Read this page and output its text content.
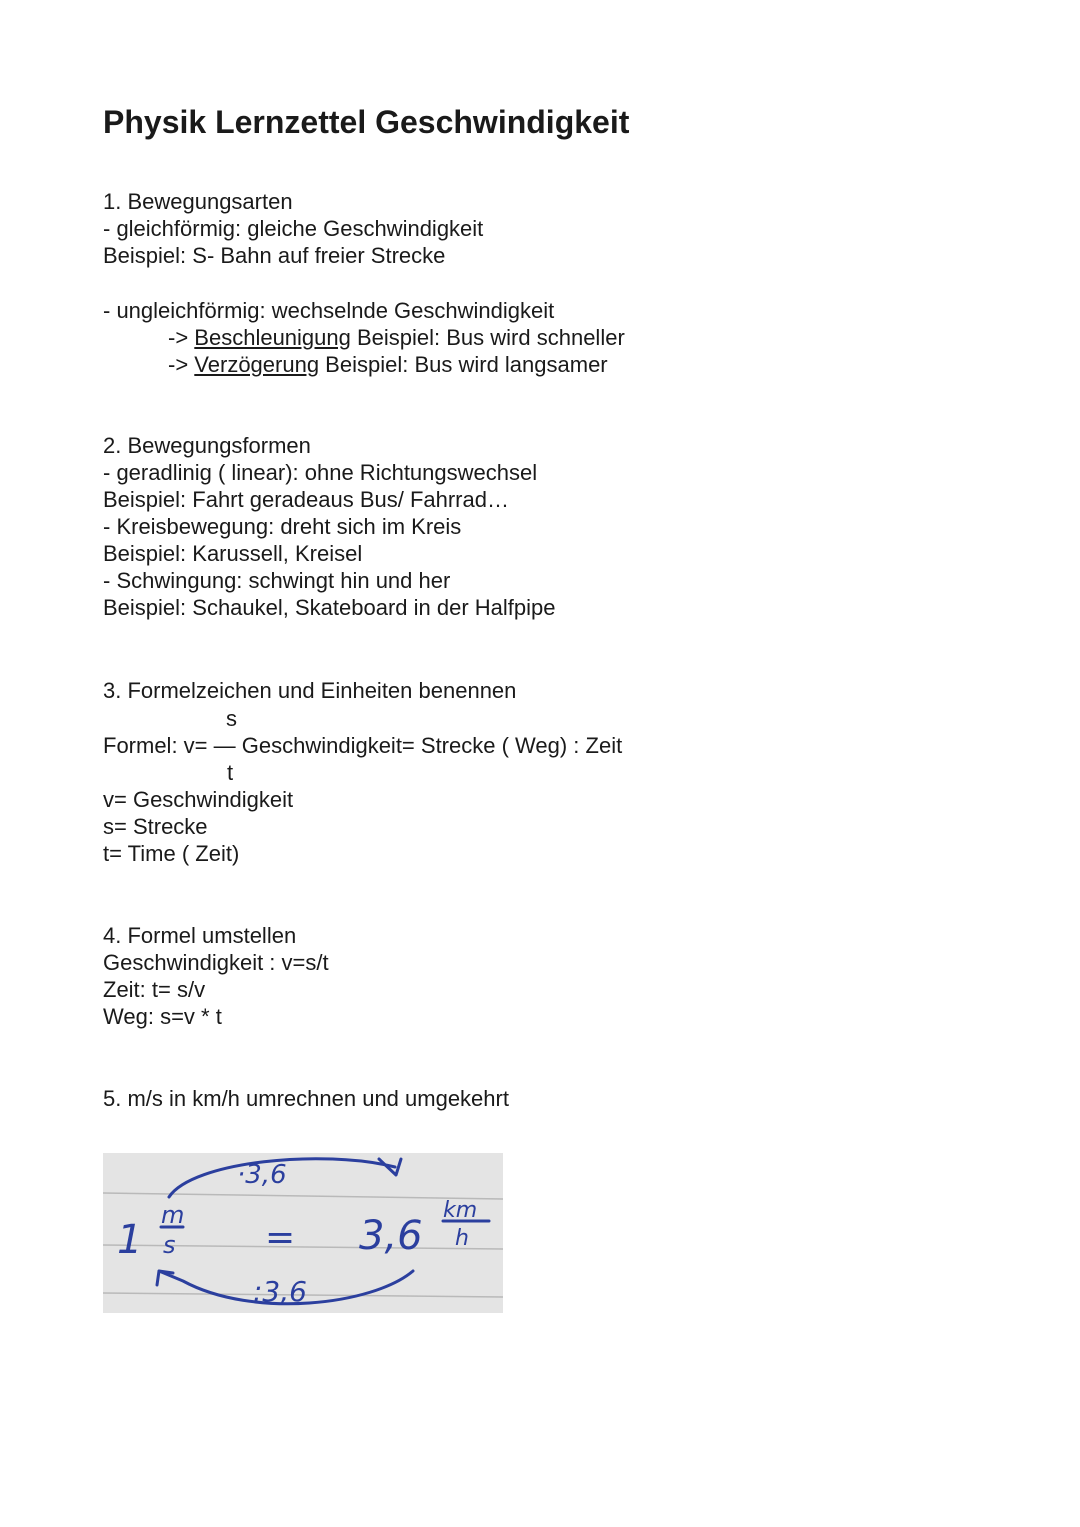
Physik Lernzettel Geschwindigkeit
1. Bewegungsarten
- gleichförmig: gleiche Geschwindigkeit
Beispiel: S- Bahn auf freier Strecke
- ungleichförmig: wechselnde Geschwindigkeit
-> Beschleunigung Beispiel: Bus wird schneller
-> Verzögerung Beispiel: Bus wird langsamer
2. Bewegungsformen
- geradlinig ( linear): ohne Richtungswechsel
Beispiel: Fahrt geradeaus Bus/ Fahrrad…
- Kreisbewegung: dreht sich im Kreis
Beispiel: Karussell, Kreisel
- Schwingung: schwingt hin und her
Beispiel: Schaukel, Skateboard in der Halfpipe
3. Formelzeichen und Einheiten benennen
s
Formel: v= — Geschwindigkeit= Strecke ( Weg) : Zeit
t
v= Geschwindigkeit
s= Strecke
t= Time ( Zeit)
4. Formel umstellen
Geschwindigkeit : v=s/t
Zeit: t= s/v
Weg: s=v * t
5. m/s in km/h umrechnen und umgekehrt
·3,6
1
m
s = 3,6
km
h
:3,6
